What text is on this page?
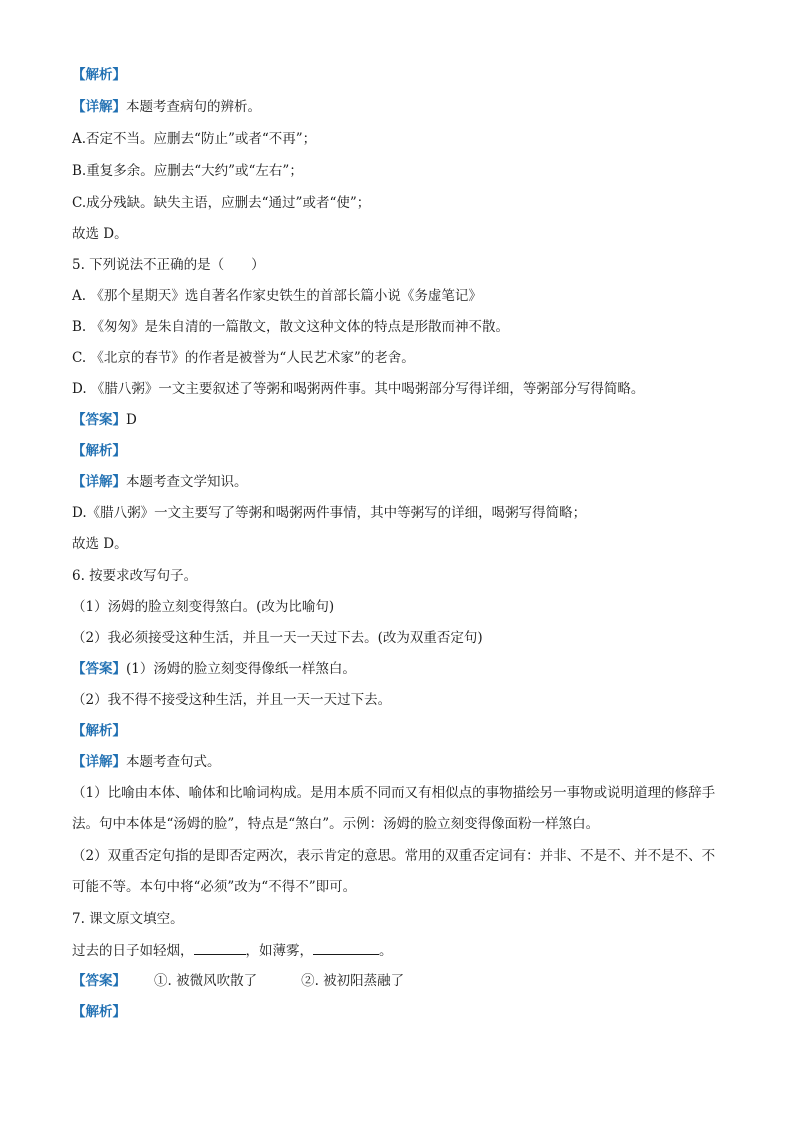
【解析】
【详解】本题考查病句的辨析。
A.否定不当。应删去“防止”或者“不再”；
B.重复多余。应删去“大约”或“左右”；
C.成分残缺。缺失主语，应删去“通过”或者“使”；
故选 D。
5. 下列说法不正确的是（　　）
A. 《那个星期天》选自著名作家史铁生的首部长篇小说《务虚笔记》
B. 《匆匆》是朱自清的一篇散文，散文这种文体的特点是形散而神不散。
C. 《北京的春节》的作者是被誉为“人民艺术家”的老舍。
D. 《腊八粥》一文主要叙述了等粥和喝粥两件事。其中喝粥部分写得详细，等粥部分写得简略。
【答案】D
【解析】
【详解】本题考查文学知识。
D.《腊八粥》一文主要写了等粥和喝粥两件事情，其中等粥写的详细，喝粥写得简略；
故选 D。
6. 按要求改写句子。
（1）汤姆的脸立刻变得煞白。(改为比喻句)
（2）我必须接受这种生活，并且一天一天过下去。(改为双重否定句)
【答案】(1）汤姆的脸立刻变得像纸一样煞白。
（2）我不得不接受这种生活，并且一天一天过下去。
【解析】
【详解】本题考查句式。
（1）比喻由本体、喻体和比喻词构成。是用本质不同而又有相似点的事物描绘另一事物或说明道理的修辞手法。句中本体是“汤姆的脸”，特点是“煞白”。示例：汤姆的脸立刻变得像面粉一样煞白。
（2）双重否定句指的是即否定两次，表示肯定的意思。常用的双重否定词有：并非、不是不、并不是不、不可能不等。本句中将“必须”改为“不得不”即可。
7. 课文原文填空。
过去的日子如轻烟，	，如薄雾，	。
【答案】 ①. 被微风吹散了	②. 被初阳蒸融了
【解析】
